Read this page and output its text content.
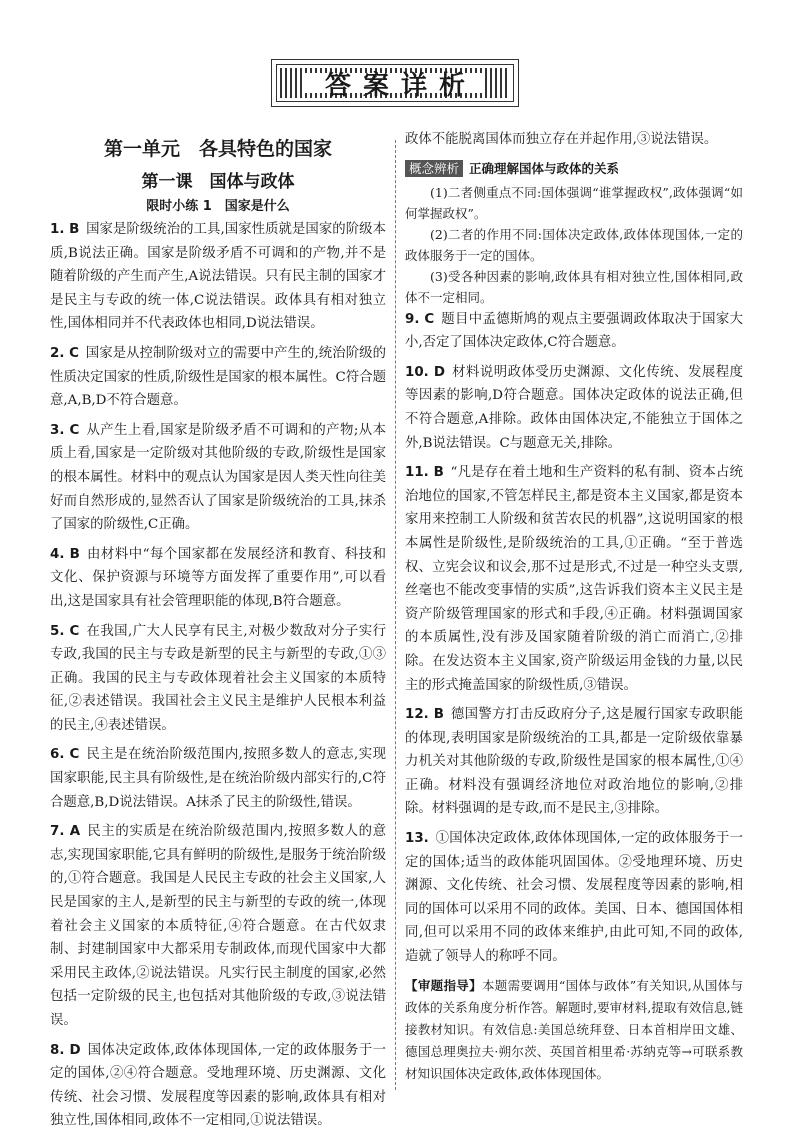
答案详析
第一单元　各具特色的国家
第一课　国体与政体
限时小练 1　国家是什么
1. B  国家是阶级统治的工具,国家性质就是国家的阶级本质,B说法正确。国家是阶级矛盾不可调和的产物,并不是随着阶级的产生而产生,A说法错误。只有民主制的国家才是民主与专政的统一体,C说法错误。政体具有相对独立性,国体相同并不代表政体也相同,D说法错误。
2. C  国家是从控制阶级对立的需要中产生的,统治阶级的性质决定国家的性质,阶级性是国家的根本属性。C符合题意,A,B,D不符合题意。
3. C  从产生上看,国家是阶级矛盾不可调和的产物;从本质上看,国家是一定阶级对其他阶级的专政,阶级性是国家的根本属性。材料中的观点认为国家是因人类天性向往美好而自然形成的,显然否认了国家是阶级统治的工具,抹杀了国家的阶级性,C正确。
4. B  由材料中“每个国家都在发展经济和教育、科技和文化、保护资源与环境等方面发挥了重要作用”,可以看出,这是国家具有社会管理职能的体现,B符合题意。
5. C  在我国,广大人民享有民主,对极少数敌对分子实行专政,我国的民主与专政是新型的民主与新型的专政,①③正确。我国的民主与专政体现着社会主义国家的本质特征,②表述错误。我国社会主义民主是维护人民根本利益的民主,④表述错误。
6. C  民主是在统治阶级范围内,按照多数人的意志,实现国家职能,民主具有阶级性,是在统治阶级内部实行的,C符合题意,B,D说法错误。A抹杀了民主的阶级性,错误。
7. A  民主的实质是在统治阶级范围内,按照多数人的意志,实现国家职能,它具有鲜明的阶级性,是服务于统治阶级的,①符合题意。我国是人民民主专政的社会主义国家,人民是国家的主人,是新型的民主与新型的专政的统一,体现着社会主义国家的本质特征,④符合题意。在古代奴隶制、封建制国家中大都采用专制政体,而现代国家中大都采用民主政体,②说法错误。凡实行民主制度的国家,必然包括一定阶级的民主,也包括对其他阶级的专政,③说法错误。
8. D  国体决定政体,政体体现国体,一定的政体服务于一定的国体,②④符合题意。受地理环境、历史渊源、文化传统、社会习惯、发展程度等因素的影响,政体具有相对独立性,国体相同,政体不一定相同,①说法错误。
政体不能脱离国体而独立存在并起作用,③说法错误。
概念辨析 正确理解国体与政体的关系
(1)二者侧重点不同:国体强调“谁掌握政权”,政体强调“如何掌握政权”。
(2)二者的作用不同:国体决定政体,政体体现国体,一定的政体服务于一定的国体。
(3)受各种因素的影响,政体具有相对独立性,国体相同,政体不一定相同。
9. C  题目中孟德斯鸠的观点主要强调政体取决于国家大小,否定了国体决定政体,C符合题意。
10. D  材料说明政体受历史渊源、文化传统、发展程度等因素的影响,D符合题意。国体决定政体的说法正确,但不符合题意,A排除。政体由国体决定,不能独立于国体之外,B说法错误。C与题意无关,排除。
11. B  “凡是存在着土地和生产资料的私有制、资本占统治地位的国家,不管怎样民主,都是资本主义国家,都是资本家用来控制工人阶级和贫苦农民的机器”,这说明国家的根本属性是阶级性,是阶级统治的工具,①正确。“至于普选权、立宪会议和议会,那不过是形式,不过是一种空头支票,丝毫也不能改变事情的实质”,这告诉我们资本主义民主是资产阶级管理国家的形式和手段,④正确。材料强调国家的本质属性,没有涉及国家随着阶级的消亡而消亡,②排除。在发达资本主义国家,资产阶级运用金钱的力量,以民主的形式掩盖国家的阶级性质,③错误。
12. B  德国警方打击反政府分子,这是履行国家专政职能的体现,表明国家是阶级统治的工具,都是一定阶级依靠暴力机关对其他阶级的专政,阶级性是国家的根本属性,①④正确。材料没有强调经济地位对政治地位的影响,②排除。材料强调的是专政,而不是民主,③排除。
13.  ①国体决定政体,政体体现国体,一定的政体服务于一定的国体;适当的政体能巩固国体。②受地理环境、历史渊源、文化传统、社会习惯、发展程度等因素的影响,相同的国体可以采用不同的政体。美国、日本、德国国体相同,但可以采用不同的政体来维护,由此可知,不同的政体,造就了领导人的称呼不同。
【审题指导】本题需要调用“国体与政体”有关知识,从国体与政体的关系角度分析作答。解题时,要审材料,提取有效信息,链接教材知识。有效信息:美国总统拜登、日本首相岸田文雄、德国总理奥拉夫·朔尔茨、英国首相里希·苏纳克等→可联系教材知识国体决定政体,政体体现国体。
